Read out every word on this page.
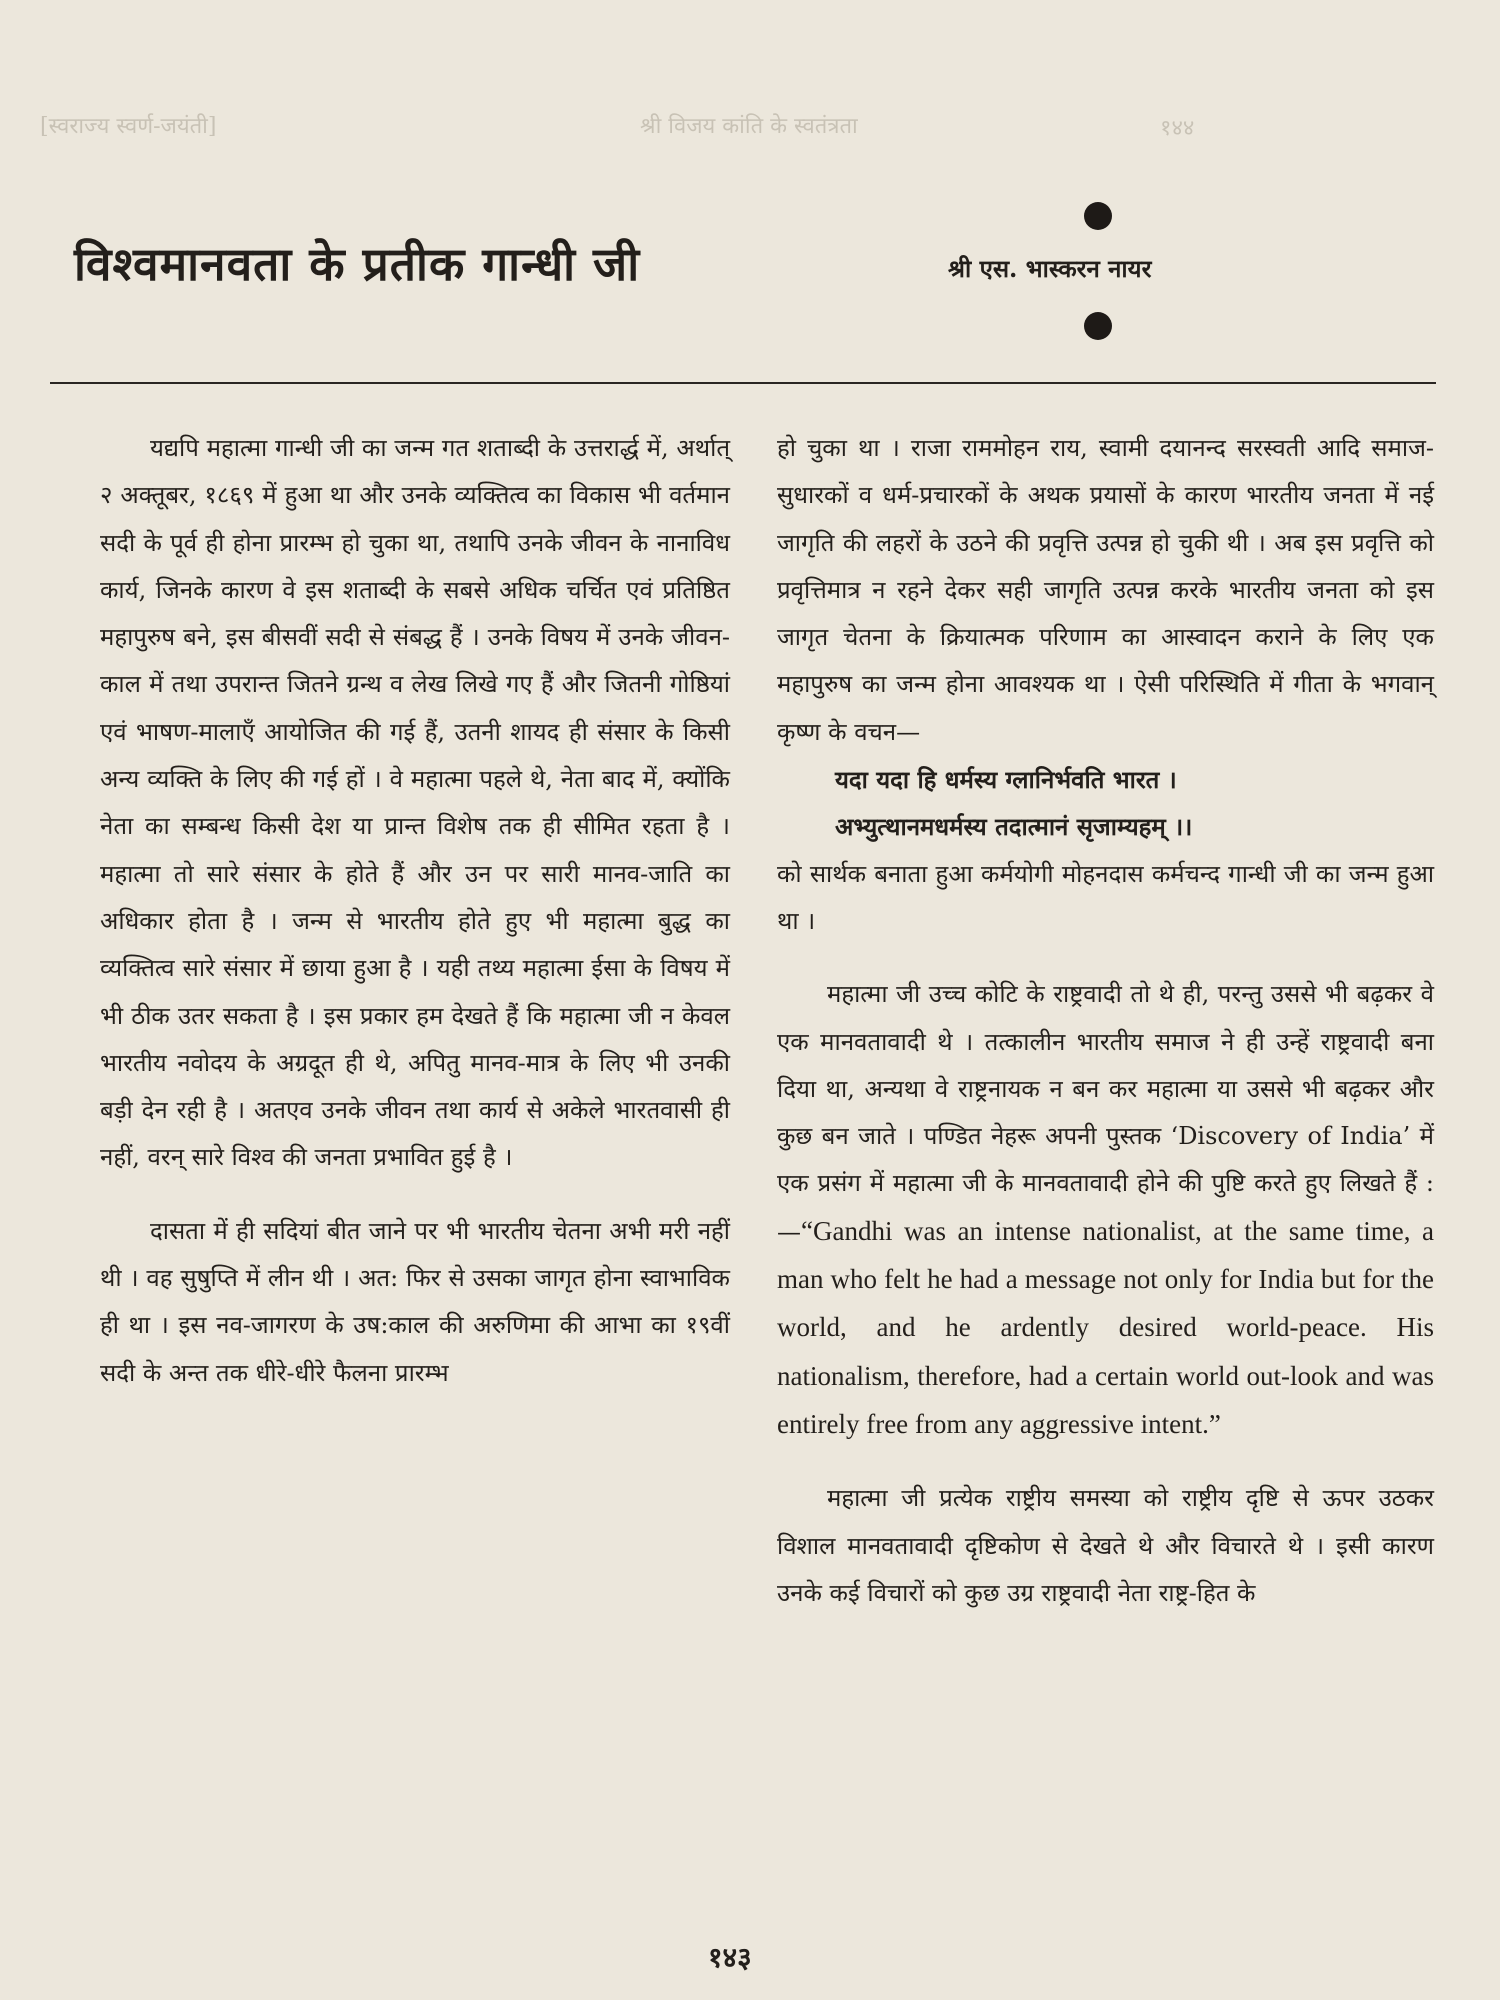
[स्वराज्य स्वर्ण-जयंती]	श्री विजय कांति के स्वतंत्रता	१४४
विश्वमानवता के प्रतीक गान्धी जी	श्री एस. भास्करन नायर

यद्यपि महात्मा गान्धी जी का जन्म गत शताब्दी के उत्तरार्द्ध में, अर्थात् २ अक्तूबर, १८६९ में हुआ था और उनके व्यक्तित्व का विकास भी वर्तमान सदी के पूर्व ही होना प्रारम्भ हो चुका था, तथापि उनके जीवन के नानाविध कार्य, जिनके कारण वे इस शताब्दी के सबसे अधिक चर्चित एवं प्रतिष्ठित महापुरुष बने, इस बीसवीं सदी से संबद्ध हैं । उनके विषय में उनके जीवन-काल में तथा उपरान्त जितने ग्रन्थ व लेख लिखे गए हैं और जितनी गोष्ठियां एवं भाषण-मालाएँ आयोजित की गई हैं, उतनी शायद ही संसार के किसी अन्य व्यक्ति के लिए की गई हों । वे महात्मा पहले थे, नेता बाद में, क्योंकि नेता का सम्बन्ध किसी देश या प्रान्त विशेष तक ही सीमित रहता है । महात्मा तो सारे संसार के होते हैं और उन पर सारी मानव-जाति का अधिकार होता है । जन्म से भारतीय होते हुए भी महात्मा बुद्ध का व्यक्तित्व सारे संसार में छाया हुआ है । यही तथ्य महात्मा ईसा के विषय में भी ठीक उतर सकता है । इस प्रकार हम देखते हैं कि महात्मा जी न केवल भारतीय नवोदय के अग्रदूत ही थे, अपितु मानव-मात्र के लिए भी उनकी बड़ी देन रही है । अतएव उनके जीवन तथा कार्य से अकेले भारतवासी ही नहीं, वरन् सारे विश्व की जनता प्रभावित हुई है ।

दासता में ही सदियां बीत जाने पर भी भारतीय चेतना अभी मरी नहीं थी । वह सुषुप्ति में लीन थी । अत: फिर से उसका जागृत होना स्वाभाविक ही था । इस नव-जागरण के उष:काल की अरुणिमा की आभा का १९वीं सदी के अन्त तक धीरे-धीरे फैलना प्रारम्भ

हो चुका था । राजा राममोहन राय, स्वामी दयानन्द सरस्वती आदि समाज-सुधारकों व धर्म-प्रचारकों के अथक प्रयासों के कारण भारतीय जनता में नई जागृति की लहरों के उठने की प्रवृत्ति उत्पन्न हो चुकी थी । अब इस प्रवृत्ति को प्रवृत्तिमात्र न रहने देकर सही जागृति उत्पन्न करके भारतीय जनता को इस जागृत चेतना के क्रियात्मक परिणाम का आस्वादन कराने के लिए एक महापुरुष का जन्म होना आवश्यक था । ऐसी परिस्थिति में गीता के भगवान् कृष्ण के वचन—

यदा यदा हि धर्मस्य ग्लानिर्भवति भारत ।

अभ्युत्थानमधर्मस्य तदात्मानं सृजाम्यहम् ।।

को सार्थक बनाता हुआ कर्मयोगी मोहनदास कर्मचन्द गान्धी जी का जन्म हुआ था ।

महात्मा जी उच्च कोटि के राष्ट्रवादी तो थे ही, परन्तु उससे भी बढ़कर वे एक मानवतावादी थे । तत्कालीन भारतीय समाज ने ही उन्हें राष्ट्रवादी बना दिया था, अन्यथा वे राष्ट्रनायक न बन कर महात्मा या उससे भी बढ़कर और कुछ बन जाते । पण्डित नेहरू अपनी पुस्तक ‘Discovery of India’ में एक प्रसंग में महात्मा जी के मानवतावादी होने की पुष्टि करते हुए लिखते हैं :—“Gandhi was an intense nationalist, at the same time, a man who felt he had a message not only for India but for the world, and he ardently desired world-peace. His nationalism, therefore, had a certain world out-look and was entirely free from any aggressive intent.”

महात्मा जी प्रत्येक राष्ट्रीय समस्या को राष्ट्रीय दृष्टि से ऊपर उठकर विशाल मानवतावादी दृष्टिकोण से देखते थे और विचारते थे । इसी कारण उनके कई विचारों को कुछ उग्र राष्ट्रवादी नेता राष्ट्र-हित के

१४३
